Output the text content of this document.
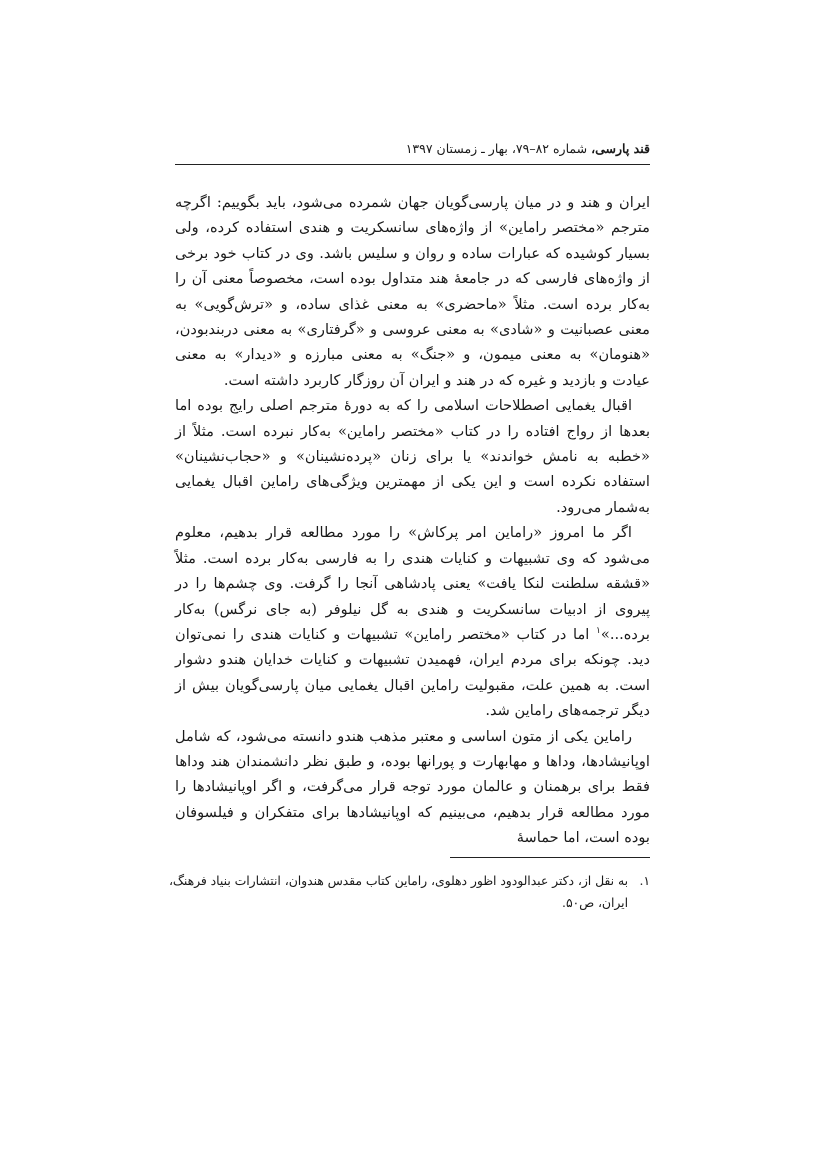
قند پارسی، شماره ۸۲–۷۹، بهار ـ زمستان ۱۳۹۷

ایران و هند و در میان پارسی‌گویان جهان شمرده می‌شود، باید بگوییم: اگرچه مترجم «مختصر راماین» از واژه‌های سانسکریت و هندی استفاده کرده، ولی بسیار کوشیده که عبارات ساده و روان و سلیس باشد. وی در کتاب خود برخی از واژه‌های فارسی که در جامعهٔ هند متداول بوده است، مخصوصاً معنی آن را به‌کار برده است. مثلاً «ماحضری» به معنی غذای ساده، و «ترش‌گویی» به معنی عصبانیت و «شادی» به معنی عروسی و «گرفتاری» به معنی دربندبودن، «هنومان» به معنی میمون، و «جنگ» به معنی مبارزه و «دیدار» به معنی عیادت و بازدید و غیره که در هند و ایران آن روزگار کاربرد داشته است.

اقبال یغمایی اصطلاحات اسلامی را که به دورهٔ مترجم اصلی رایج بوده اما بعدها از رواج افتاده را در کتاب «مختصر راماین» به‌کار نبرده است. مثلاً از «خطبه به نامش خواندند» یا برای زنان «پرده‌نشینان» و «حجاب‌نشینان» استفاده نکرده است و این یکی از مهمترین ویژگی‌های راماین اقبال یغمایی به‌شمار می‌رود.

اگر ما امروز «راماین امر پرکاش» را مورد مطالعه قرار بدهیم، معلوم می‌شود که وی تشبیهات و کنایات هندی را به فارسی به‌کار برده است. مثلاً «قشقه سلطنت لنکا یافت» یعنی پادشاهی آنجا را گرفت. وی چشم‌ها را در پیروی از ادبیات سانسکریت و هندی به گل نیلوفر (به جای نرگس) به‌کار برده...»$^۱$ اما در کتاب «مختصر راماین» تشبیهات و کنایات هندی را نمی‌توان دید. چونکه برای مردم ایران، فهمیدن تشبیهات و کنایات خدایان هندو دشوار است. به همین علت، مقبولیت راماین اقبال یغمایی میان پارسی‌گویان بیش از دیگر ترجمه‌های راماین شد.

راماین یکی از متون اساسی و معتبر مذهب هندو دانسته می‌شود، که شامل اوپانیشادها، وداها و مهابهارت و پورانها بوده، و طبق نظر دانشمندان هند وداها فقط برای برهمنان و عالمان مورد توجه قرار می‌گرفت، و اگر اوپانیشادها را مورد مطالعه قرار بدهیم، می‌بینیم که اوپانیشادها برای متفکران و فیلسوفان بوده است، اما حماسهٔ

۱.به نقل از، دکتر عبدالودود اظور دهلوی، راماین کتاب مقدس هندوان، انتشارات بنیاد فرهنگ،
ایران، ص۵۰.
